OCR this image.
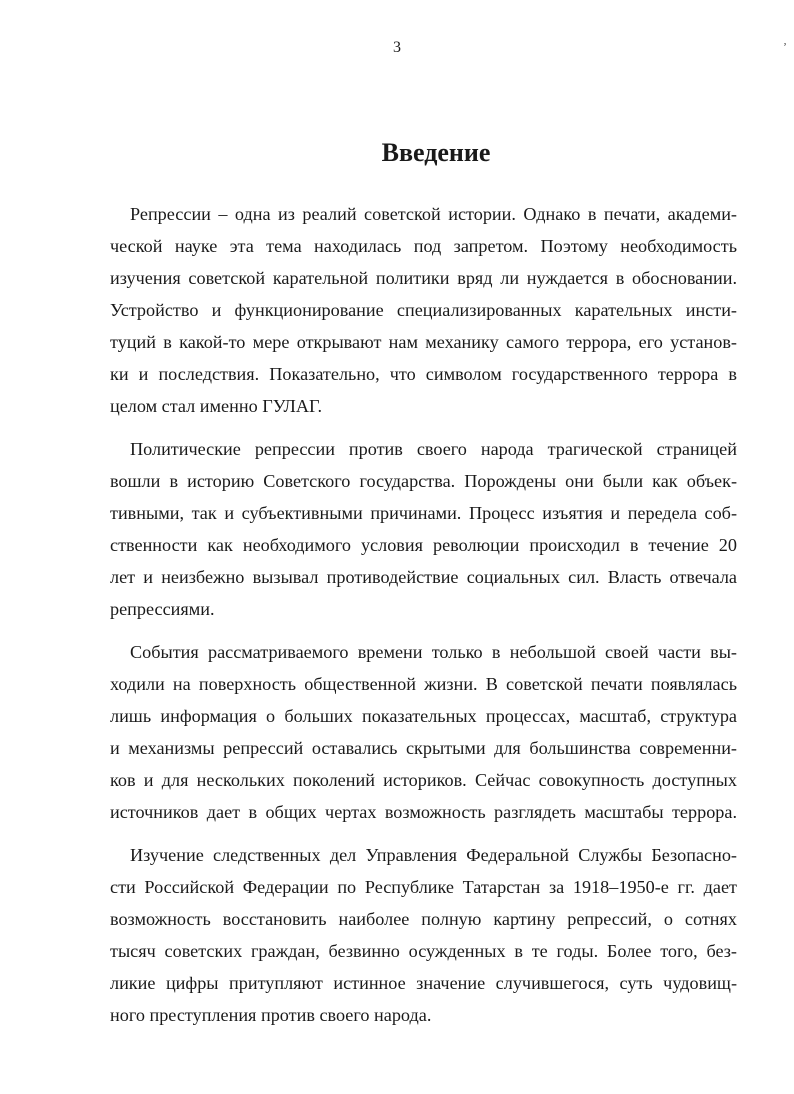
3	ʼ
Введение
Репрессии – одна из реалий советской истории. Однако в печати, академи-
ческой науке эта тема находилась под запретом. Поэтому необходимость
изучения советской карательной политики вряд ли нуждается в обосновании.
Устройство и функционирование специализированных карательных инсти-
туций в какой-то мере открывают нам механику самого террора, его установ-
ки и последствия. Показательно, что символом государственного террора в
целом стал именно ГУЛАГ.
Политические репрессии против своего народа трагической страницей
вошли в историю Советского государства. Порождены они были как объек-
тивными, так и субъективными причинами. Процесс изъятия и передела соб-
ственности как необходимого условия революции происходил в течение 20
лет и неизбежно вызывал противодействие социальных сил. Власть отвечала
репрессиями.
События рассматриваемого времени только в небольшой своей части вы-
ходили на поверхность общественной жизни. В советской печати появлялась
лишь информация о больших показательных процессах, масштаб, структура
и механизмы репрессий оставались скрытыми для большинства современни-
ков и для нескольких поколений историков. Сейчас совокупность доступных
источников дает в общих чертах возможность разглядеть масштабы террора.
Изучение следственных дел Управления Федеральной Службы Безопасно-
сти Российской Федерации по Республике Татарстан за 1918–1950-е гг. дает
возможность восстановить наиболее полную картину репрессий, о сотнях
тысяч советских граждан, безвинно осужденных в те годы. Более того, без-
ликие цифры притупляют истинное значение случившегося, суть чудовищ-
ного преступления против своего народа.
